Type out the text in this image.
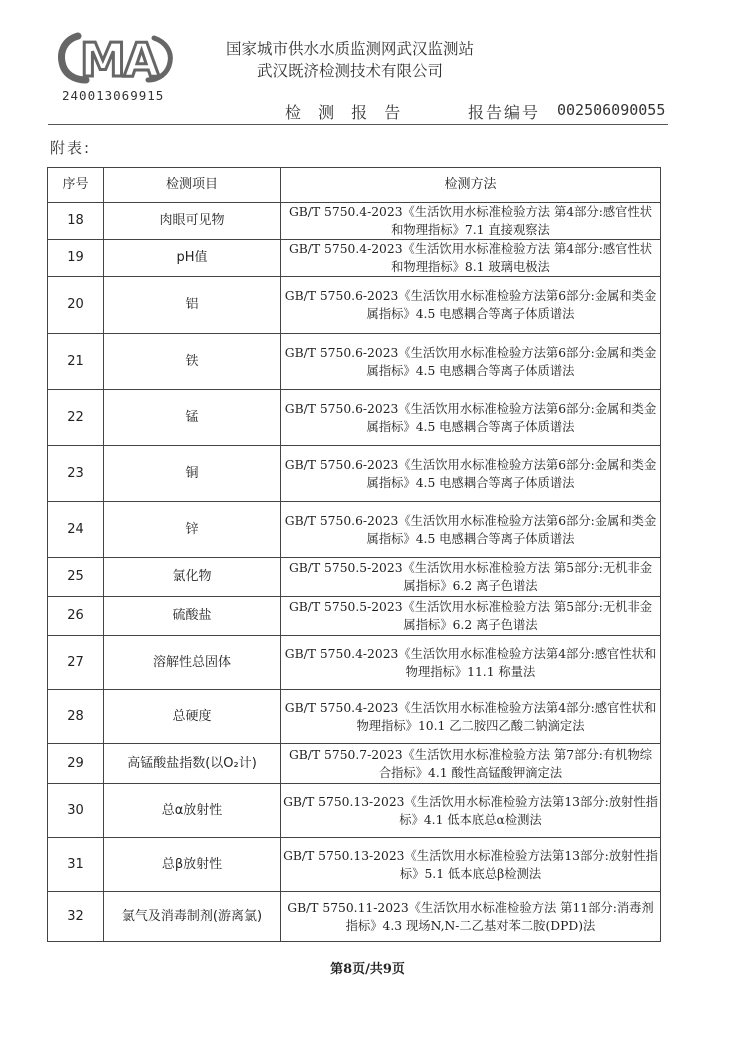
MA
240013069915
国家城市供水水质监测网武汉监测站
武汉既济检测技术有限公司
检 测 报 告	报告编号 002506090055
附表:
序号	检测项目	检测方法
18	肉眼可见物	GB/T 5750.4-2023《生活饮用水标准检验方法 第4部分:感官性状和物理指标》7.1 直接观察法
19	pH值	GB/T 5750.4-2023《生活饮用水标准检验方法 第4部分:感官性状和物理指标》8.1 玻璃电极法
20	铝	GB/T 5750.6-2023《生活饮用水标准检验方法第6部分:金属和类金属指标》4.5 电感耦合等离子体质谱法
21	铁	GB/T 5750.6-2023《生活饮用水标准检验方法第6部分:金属和类金属指标》4.5 电感耦合等离子体质谱法
22	锰	GB/T 5750.6-2023《生活饮用水标准检验方法第6部分:金属和类金属指标》4.5 电感耦合等离子体质谱法
23	铜	GB/T 5750.6-2023《生活饮用水标准检验方法第6部分:金属和类金属指标》4.5 电感耦合等离子体质谱法
24	锌	GB/T 5750.6-2023《生活饮用水标准检验方法第6部分:金属和类金属指标》4.5 电感耦合等离子体质谱法
25	氯化物	GB/T 5750.5-2023《生活饮用水标准检验方法 第5部分:无机非金属指标》6.2 离子色谱法
26	硫酸盐	GB/T 5750.5-2023《生活饮用水标准检验方法 第5部分:无机非金属指标》6.2 离子色谱法
27	溶解性总固体	GB/T 5750.4-2023《生活饮用水标准检验方法第4部分:感官性状和物理指标》11.1 称量法
28	总硬度	GB/T 5750.4-2023《生活饮用水标准检验方法第4部分:感官性状和物理指标》10.1 乙二胺四乙酸二钠滴定法
29	高锰酸盐指数(以O₂计)	GB/T 5750.7-2023《生活饮用水标准检验方法 第7部分:有机物综合指标》4.1 酸性高锰酸钾滴定法
30	总α放射性	GB/T 5750.13-2023《生活饮用水标准检验方法第13部分:放射性指标》4.1 低本底总α检测法
31	总β放射性	GB/T 5750.13-2023《生活饮用水标准检验方法第13部分:放射性指标》5.1 低本底总β检测法
32	氯气及消毒制剂(游离氯)	GB/T 5750.11-2023《生活饮用水标准检验方法 第11部分:消毒剂指标》4.3 现场N,N-二乙基对苯二胺(DPD)法
第8页/共9页
